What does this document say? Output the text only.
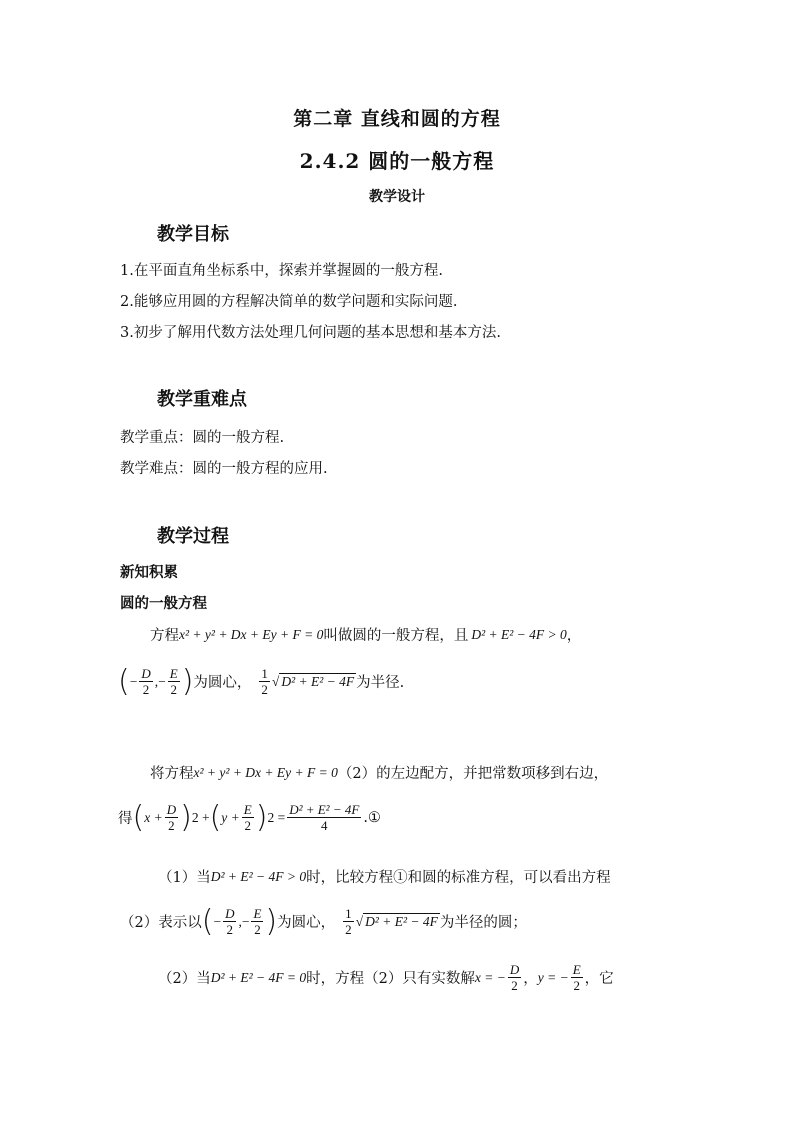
第二章 直线和圆的方程
2.4.2 圆的一般方程
教学设计
教学目标
1.在平面直角坐标系中，探索并掌握圆的一般方程.
2.能够应用圆的方程解决简单的数学问题和实际问题.
3.初步了解用代数方法处理几何问题的基本思想和基本方法.
教学重难点
教学重点：圆的一般方程.
教学难点：圆的一般方程的应用.
教学过程
新知积累
圆的一般方程
方程 x² + y² + Dx + Ey + F = 0 叫做圆的一般方程，且 D² + E² − 4F > 0 ，
( − $\frac{D}{2}$ ,− $\frac{E}{2}$ ) 为圆心， $\frac{1}{2}$ √ D² + E² − 4F 为半径.
将方程 x² + y² + Dx + Ey + F = 0 （2）的左边配方，并把常数项移到右边，
得 ( $x + \frac{D}{2}$ ) 2 + ( $y + \frac{E}{2}$ ) $2 = \frac{\text{D² + E² − 4F}}{4}$ .①
（1）当 D² + E² − 4F > 0 时，比较方程①和圆的标准方程，可以看出方程
（2）表示以 ( − $\frac{D}{2}$ ,− $\frac{E}{2}$ ) 为圆心， $\frac{1}{2}$ √ D² + E² − 4F 为半径的圆；
（2）当 D² + E² − 4F = 0 时，方程（2）只有实数解 x = − $\frac{D}{2}$ ， y = − $\frac{E}{2}$ ，它
